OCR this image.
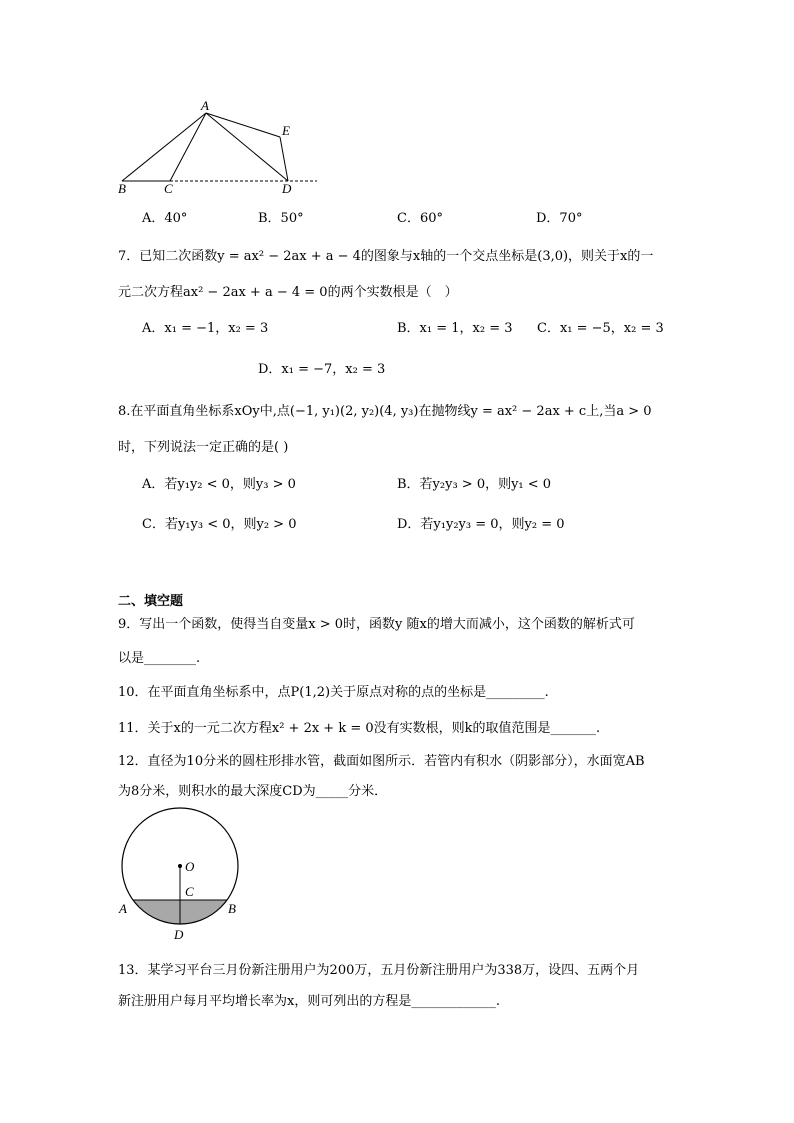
A
E
B	C	D
A．40°	B．50°	C．60°	D．70°
7．已知二次函数y = ax² − 2ax + a − 4的图象与x轴的一个交点坐标是(3,0)，则关于x的一
元二次方程ax² − 2ax + a − 4 = 0的两个实数根是（　）
A．x₁ = −1，x₂ = 3	B．x₁ = 1，x₂ = 3 C．x₁ = −5，x₂ = 3
D．x₁ = −7，x₂ = 3
8.在平面直角坐标系xOy中,点(−1, y₁)(2, y₂)(4, y₃)在抛物线y = ax² − 2ax + c上,当a > 0
时，下列说法一定正确的是( )
A．若y₁y₂ < 0，则y₃ > 0	B．若y₂y₃ > 0，则y₁ < 0
C．若y₁y₃ < 0，则y₂ > 0	D．若y₁y₂y₃ = 0，则y₂ = 0
二、填空题
9．写出一个函数，使得当自变量x > 0时，函数y 随x的增大而减小，这个函数的解析式可
以是________.
10．在平面直角坐标系中，点P(1,2)关于原点对称的点的坐标是_________.
11．关于x的一元二次方程x² + 2x + k = 0没有实数根，则k的取值范围是_______.
12．直径为10分米的圆柱形排水管，截面如图所示．若管内有积水（阴影部分），水面宽AB
为8分米，则积水的最大深度CD为_____分米．
O
C
A	B
D
13．某学习平台三月份新注册用户为200万，五月份新注册用户为338万，设四、五两个月
新注册用户每月平均增长率为x，则可列出的方程是_____________.
